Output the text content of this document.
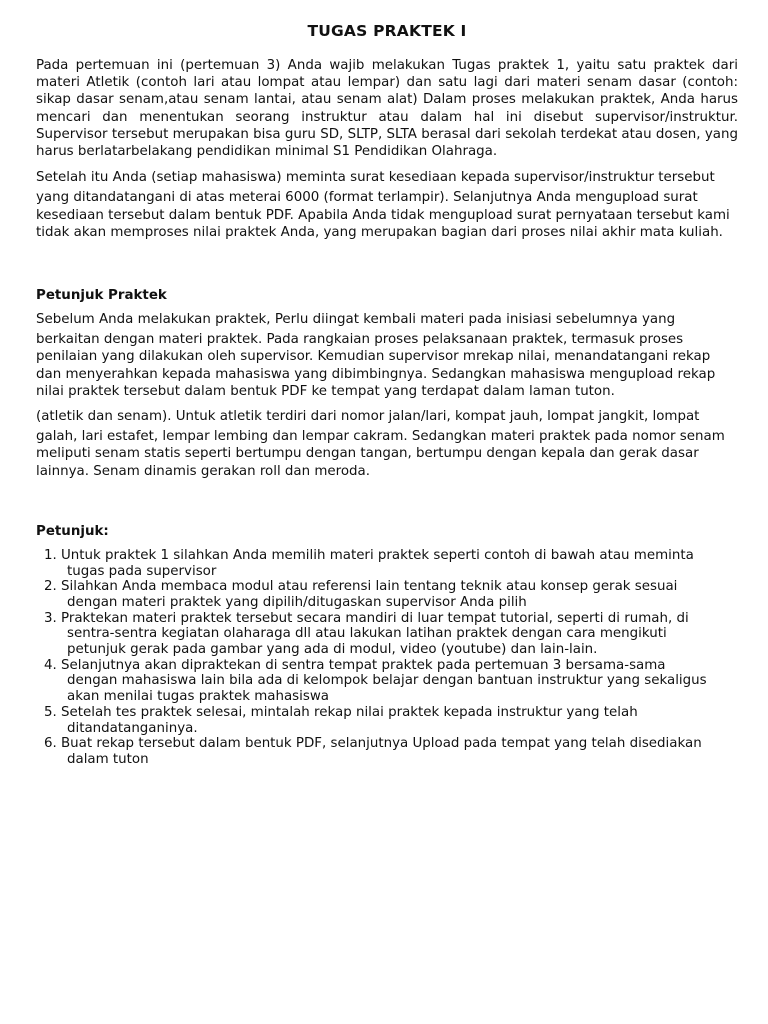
TUGAS PRAKTEK I

Pada pertemuan ini (pertemuan 3) Anda wajib melakukan Tugas praktek 1, yaitu satu praktek dari materi Atletik (contoh lari atau lompat atau lempar) dan satu lagi dari materi senam dasar (contoh: sikap dasar senam,atau senam lantai, atau senam alat) Dalam proses melakukan praktek, Anda harus mencari dan menentukan seorang instruktur atau dalam hal ini disebut supervisor/instruktur. Supervisor tersebut merupakan bisa guru SD, SLTP, SLTA berasal dari sekolah terdekat atau dosen, yang harus berlatarbelakang pendidikan minimal S1 Pendidikan Olahraga.

Setelah itu Anda (setiap mahasiswa) meminta surat kesediaan kepada supervisor/instruktur tersebut
yang ditandatangani di atas meterai 6000 (format terlampir). Selanjutnya Anda mengupload surat kesediaan tersebut dalam bentuk PDF. Apabila Anda tidak mengupload surat pernyataan tersebut kami tidak akan memproses nilai praktek Anda, yang merupakan bagian dari proses nilai akhir mata kuliah.

Petunjuk Praktek

Sebelum Anda melakukan praktek, Perlu diingat kembali materi pada inisiasi sebelumnya yang
berkaitan dengan materi praktek. Pada rangkaian proses pelaksanaan praktek, termasuk proses penilaian yang dilakukan oleh supervisor. Kemudian supervisor mrekap nilai, menandatangani rekap dan menyerahkan kepada mahasiswa yang dibimbingnya. Sedangkan mahasiswa mengupload rekap nilai praktek tersebut dalam bentuk PDF ke tempat yang terdapat dalam laman tuton.

(atletik dan senam). Untuk atletik terdiri dari nomor jalan/lari, kompat jauh, lompat jangkit, lompat
galah, lari estafet, lempar lembing dan lempar cakram. Sedangkan materi praktek pada nomor senam meliputi senam statis seperti bertumpu dengan tangan, bertumpu dengan kepala dan gerak dasar lainnya. Senam dinamis gerakan roll dan meroda.

Petunjuk:
1. Untuk praktek 1 silahkan Anda memilih materi praktek seperti contoh di bawah atau meminta
tugas pada supervisor
2. Silahkan Anda membaca modul atau referensi lain tentang teknik atau konsep gerak sesuai
dengan materi praktek yang dipilih/ditugaskan supervisor Anda pilih
3. Praktekan materi praktek tersebut secara mandiri di luar tempat tutorial, seperti di rumah, di
sentra-sentra kegiatan olaharaga dll atau lakukan latihan praktek dengan cara mengikuti
petunjuk gerak pada gambar yang ada di modul, video (youtube) dan lain-lain.
4. Selanjutnya akan dipraktekan di sentra tempat praktek pada pertemuan 3 bersama-sama
dengan mahasiswa lain bila ada di kelompok belajar dengan bantuan instruktur yang sekaligus
akan menilai tugas praktek mahasiswa
5. Setelah tes praktek selesai, mintalah rekap nilai praktek kepada instruktur yang telah
ditandatanganinya.
6. Buat rekap tersebut dalam bentuk PDF, selanjutnya Upload pada tempat yang telah disediakan
dalam tuton
